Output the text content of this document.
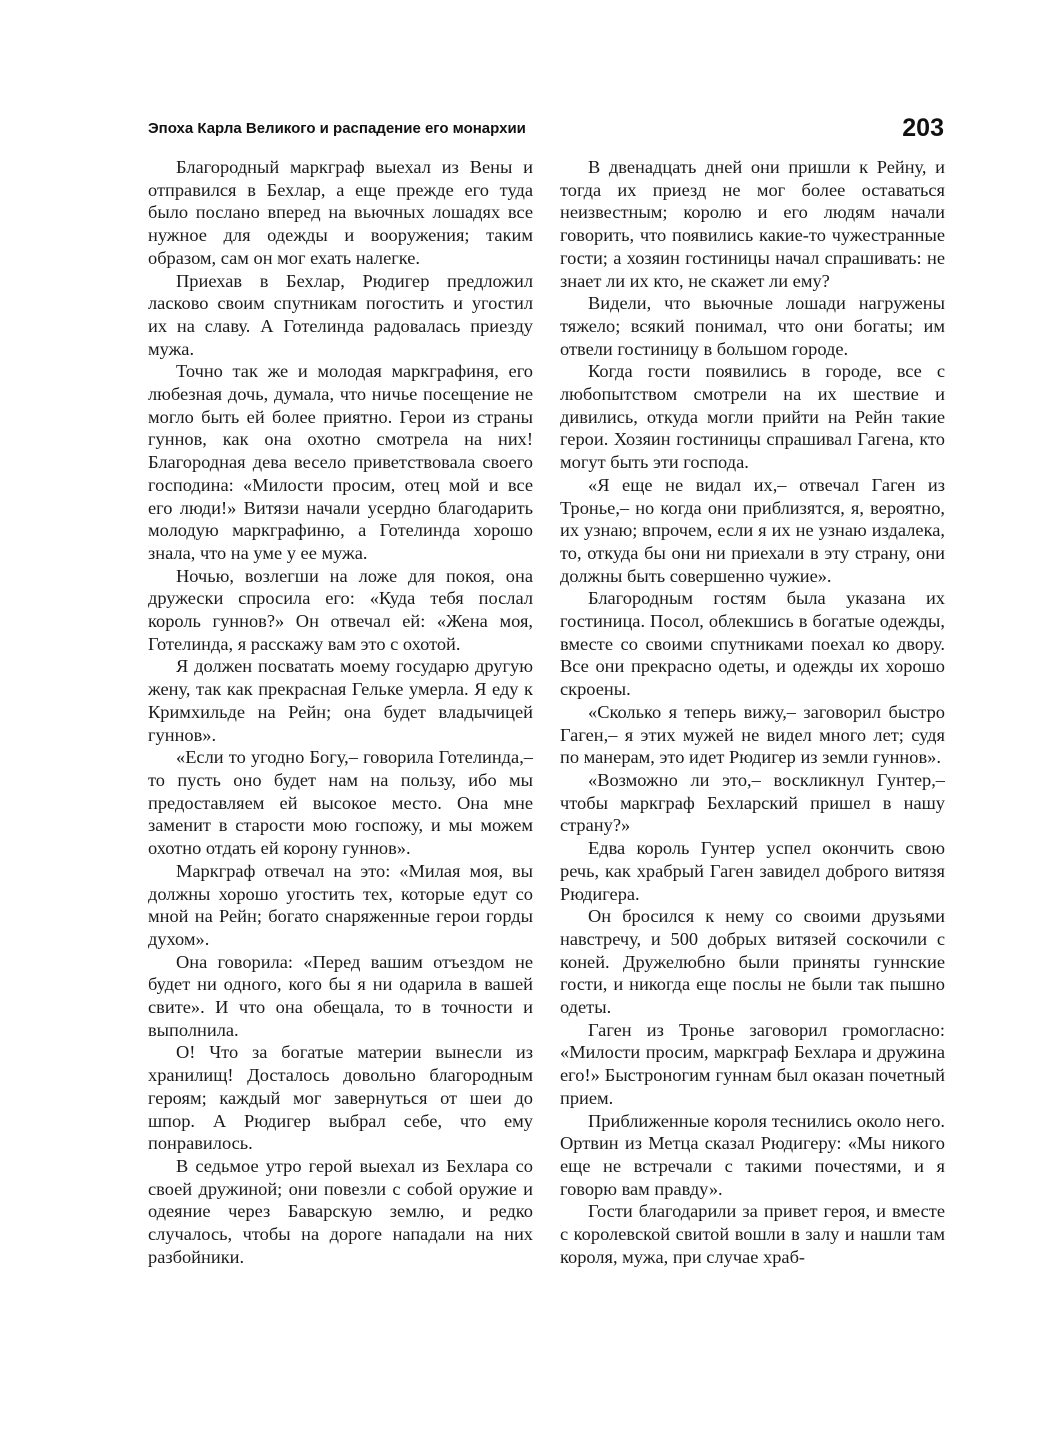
Эпоха Карла Великого и распадение его монархии	203

Благородный маркграф выехал из Вены и отправился в Бехлар, а еще прежде его туда было послано вперед на вьючных лошадях все нужное для одежды и вооружения; таким образом, сам он мог ехать налегке.

Приехав в Бехлар, Рюдигер предложил ласково своим спутникам погостить и угостил их на славу. А Готелинда радовалась приезду мужа.

Точно так же и молодая маркграфиня, его любезная дочь, думала, что ничье посещение не могло быть ей более приятно. Герои из страны гуннов, как она охотно смотрела на них! Благородная дева весело приветствовала своего господина: «Милости просим, отец мой и все его люди!» Витязи начали усердно благодарить молодую маркграфиню, а Готелинда хорошо знала, что на уме у ее мужа.

Ночью, возлегши на ложе для покоя, она дружески спросила его: «Куда тебя послал король гуннов?» Он отвечал ей: «Жена моя, Готелинда, я расскажу вам это с охотой.

Я должен посватать моему государю другую жену, так как прекрасная Гельке умерла. Я еду к Кримхильде на Рейн; она будет владычицей гуннов».

«Если то угодно Богу,– говорила Готелинда,– то пусть оно будет нам на пользу, ибо мы предоставляем ей высокое место. Она мне заменит в старости мою госпожу, и мы можем охотно отдать ей корону гуннов».

Маркграф отвечал на это: «Милая моя, вы должны хорошо угостить тех, которые едут со мной на Рейн; богато снаряженные герои горды духом».

Она говорила: «Перед вашим отъездом не будет ни одного, кого бы я ни одарила в вашей свите». И что она обещала, то в точности и выполнила.

О! Что за богатые материи вынесли из хранилищ! Досталось довольно благородным героям; каждый мог завернуться от шеи до шпор. А Рюдигер выбрал себе, что ему понравилось.

В седьмое утро герой выехал из Бехлара со своей дружиной; они повезли с собой оружие и одеяние через Баварскую землю, и редко случалось, чтобы на дороге нападали на них разбойники.

В двенадцать дней они пришли к Рейну, и тогда их приезд не мог более оставаться неизвестным; королю и его людям начали говорить, что появились какие-то чужестранные гости; а хозяин гостиницы начал спрашивать: не знает ли их кто, не скажет ли ему?

Видели, что вьючные лошади нагружены тяжело; всякий понимал, что они богаты; им отвели гостиницу в большом городе.

Когда гости появились в городе, все с любопытством смотрели на их шествие и дивились, откуда могли прийти на Рейн такие герои. Хозяин гостиницы спрашивал Гагена, кто могут быть эти господа.

«Я еще не видал их,– отвечал Гаген из Тронье,– но когда они приблизятся, я, вероятно, их узнаю; впрочем, если я их не узнаю издалека, то, откуда бы они ни приехали в эту страну, они должны быть совершенно чужие».

Благородным гостям была указана их гостиница. Посол, облекшись в богатые одежды, вместе со своими спутниками поехал ко двору. Все они прекрасно одеты, и одежды их хорошо скроены.

«Сколько я теперь вижу,– заговорил быстро Гаген,– я этих мужей не видел много лет; судя по манерам, это идет Рюдигер из земли гуннов».

«Возможно ли это,– воскликнул Гунтер,– чтобы маркграф Бехларский пришел в нашу страну?»

Едва король Гунтер успел окончить свою речь, как храбрый Гаген завидел доброго витязя Рюдигера.

Он бросился к нему со своими друзьями навстречу, и 500 добрых витязей соскочили с коней. Дружелюбно были приняты гуннские гости, и никогда еще послы не были так пышно одеты.

Гаген из Тронье заговорил громогласно: «Милости просим, маркграф Бехлара и дружина его!» Быстроногим гуннам был оказан почетный прием.

Приближенные короля теснились около него. Ортвин из Метца сказал Рюдигеру: «Мы никого еще не встречали с такими почестями, и я говорю вам правду».

Гости благодарили за привет героя, и вместе с королевской свитой вошли в залу и нашли там короля, мужа, при случае храб-
